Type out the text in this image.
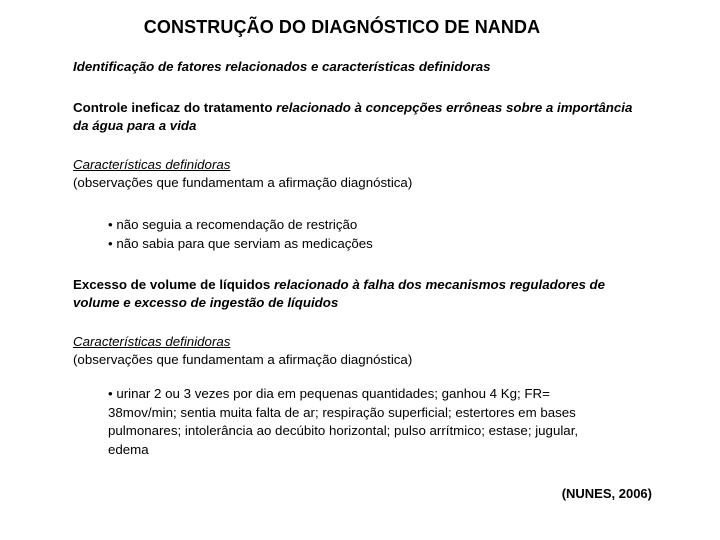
CONSTRUÇÃO DO DIAGNÓSTICO DE NANDA
Identificação de fatores relacionados e características definidoras
Controle ineficaz do tratamento relacionado à concepções errôneas sobre a importância da água para a vida
Características definidoras
(observações que fundamentam a afirmação diagnóstica)
• não seguia a recomendação de restrição
• não sabia para que serviam as medicações
Excesso de volume de líquidos relacionado à falha dos mecanismos reguladores de volume e excesso de ingestão de líquidos
Características definidoras
(observações que fundamentam a afirmação diagnóstica)
• urinar 2 ou 3 vezes por dia em pequenas quantidades; ganhou 4 Kg; FR= 38mov/min; sentia muita falta de ar; respiração superficial; estertores em bases pulmonares; intolerância ao decúbito horizontal; pulso arrítmico; estase; jugular, edema
(NUNES, 2006)
